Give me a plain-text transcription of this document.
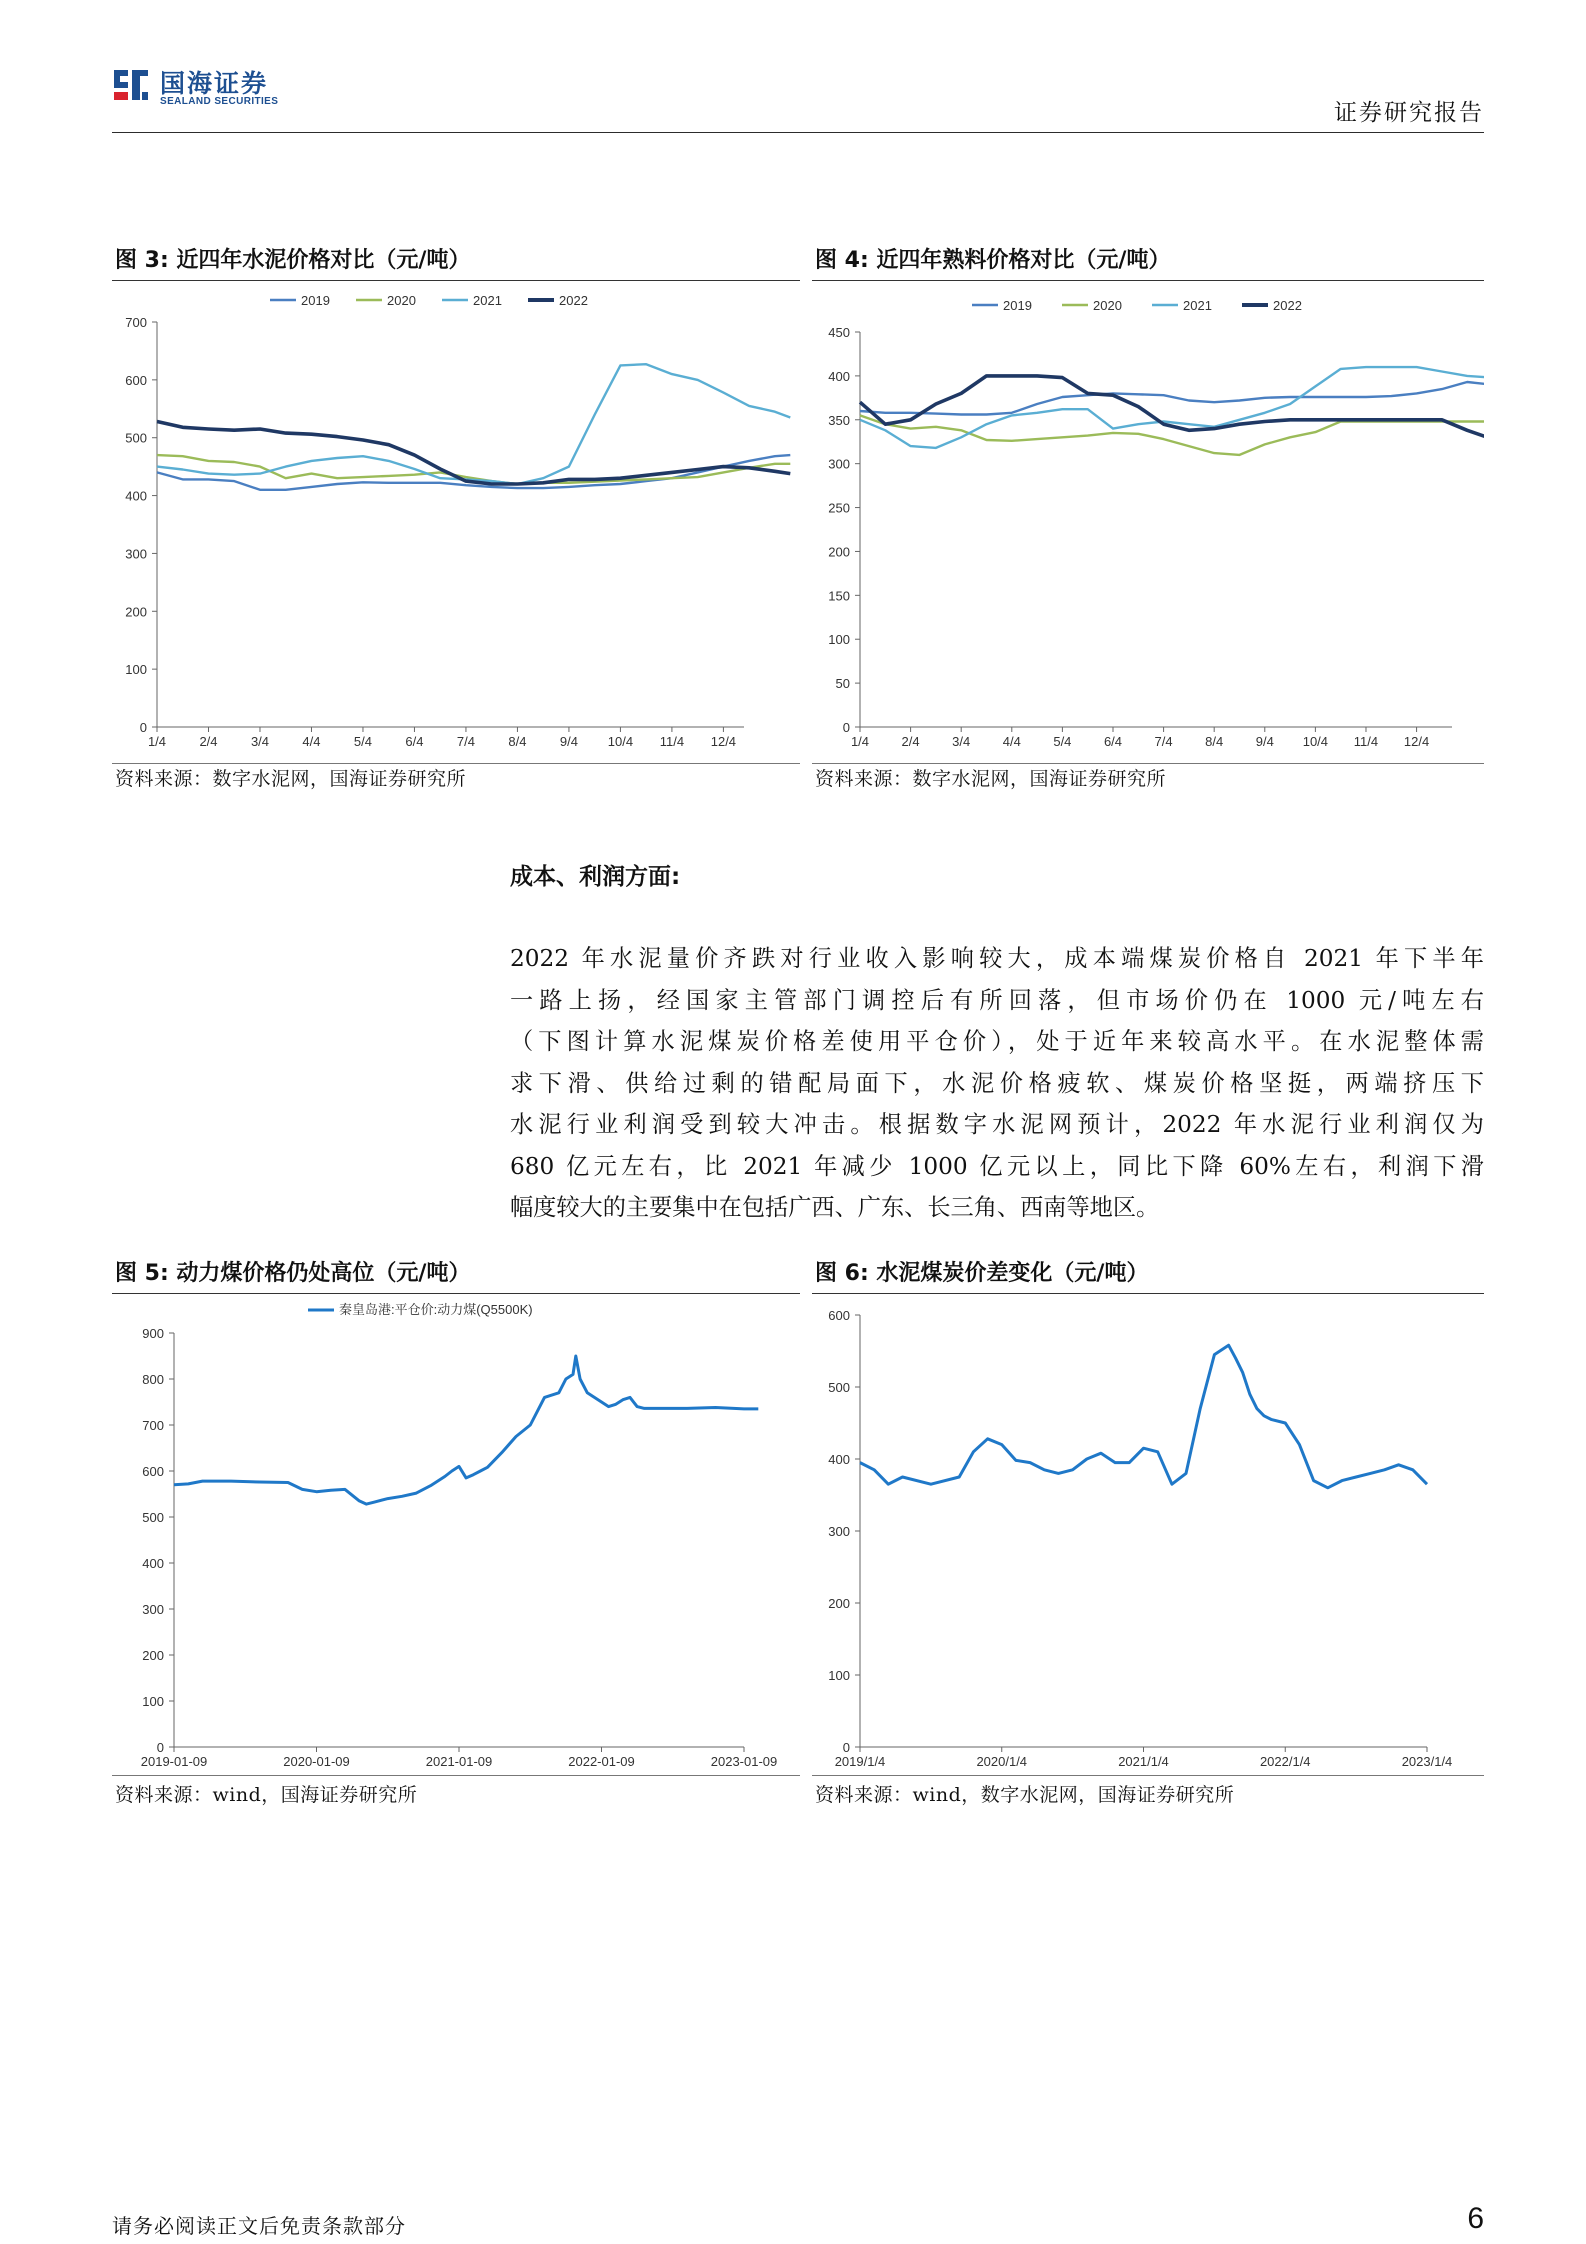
国海证券
SEALAND SECURITIES	证券研究报告
图 3: 近四年水泥价格对比（元/吨）
0
100
200
300
400
500
600
700
1/4	2/4	3/4	4/4	5/4	6/4	7/4	8/4	9/4 10/4 11/4 12/4
2019	2020	2021	2022
资料来源：数字水泥网，国海证券研究所
图 4: 近四年熟料价格对比（元/吨）
0
50
100
150
200
250
300
350
400
450
1/4	2/4	3/4	4/4	5/4	6/4	7/4	8/4	9/4 10/4 11/4 12/4
2019	2020	2021	2022
资料来源：数字水泥网，国海证券研究所
成本、利润方面:
2022 年水泥量价齐跌对行业收入影响较大，成本端煤炭价格自 2021 年下半年
一路上扬，经国家主管部门调控后有所回落，但市场价仍在 1000 元/吨左右
（下图计算水泥煤炭价格差使用平仓价），处于近年来较高水平。在水泥整体需
求下滑、供给过剩的错配局面下，水泥价格疲软、煤炭价格坚挺，两端挤压下
水泥行业利润受到较大冲击。根据数字水泥网预计，2022 年水泥行业利润仅为
680 亿元左右，比 2021 年减少 1000 亿元以上，同比下降 60%左右，利润下滑
幅度较大的主要集中在包括广西、广东、长三角、西南等地区。
图 5: 动力煤价格仍处高位（元/吨）
0
100
200
300
400
500
600
700
800
900
2019-01-09	2020-01-09	2021-01-09	2022-01-09	2023-01-09
秦皇岛港:平仓价:动力煤(Q5500K)
资料来源：wind，国海证券研究所
图 6: 水泥煤炭价差变化（元/吨）
0
100
200
300
400
500
600
2019/1/4	2020/1/4	2021/1/4	2022/1/4	2023/1/4
资料来源：wind，数字水泥网，国海证券研究所
请务必阅读正文后免责条款部分	6
